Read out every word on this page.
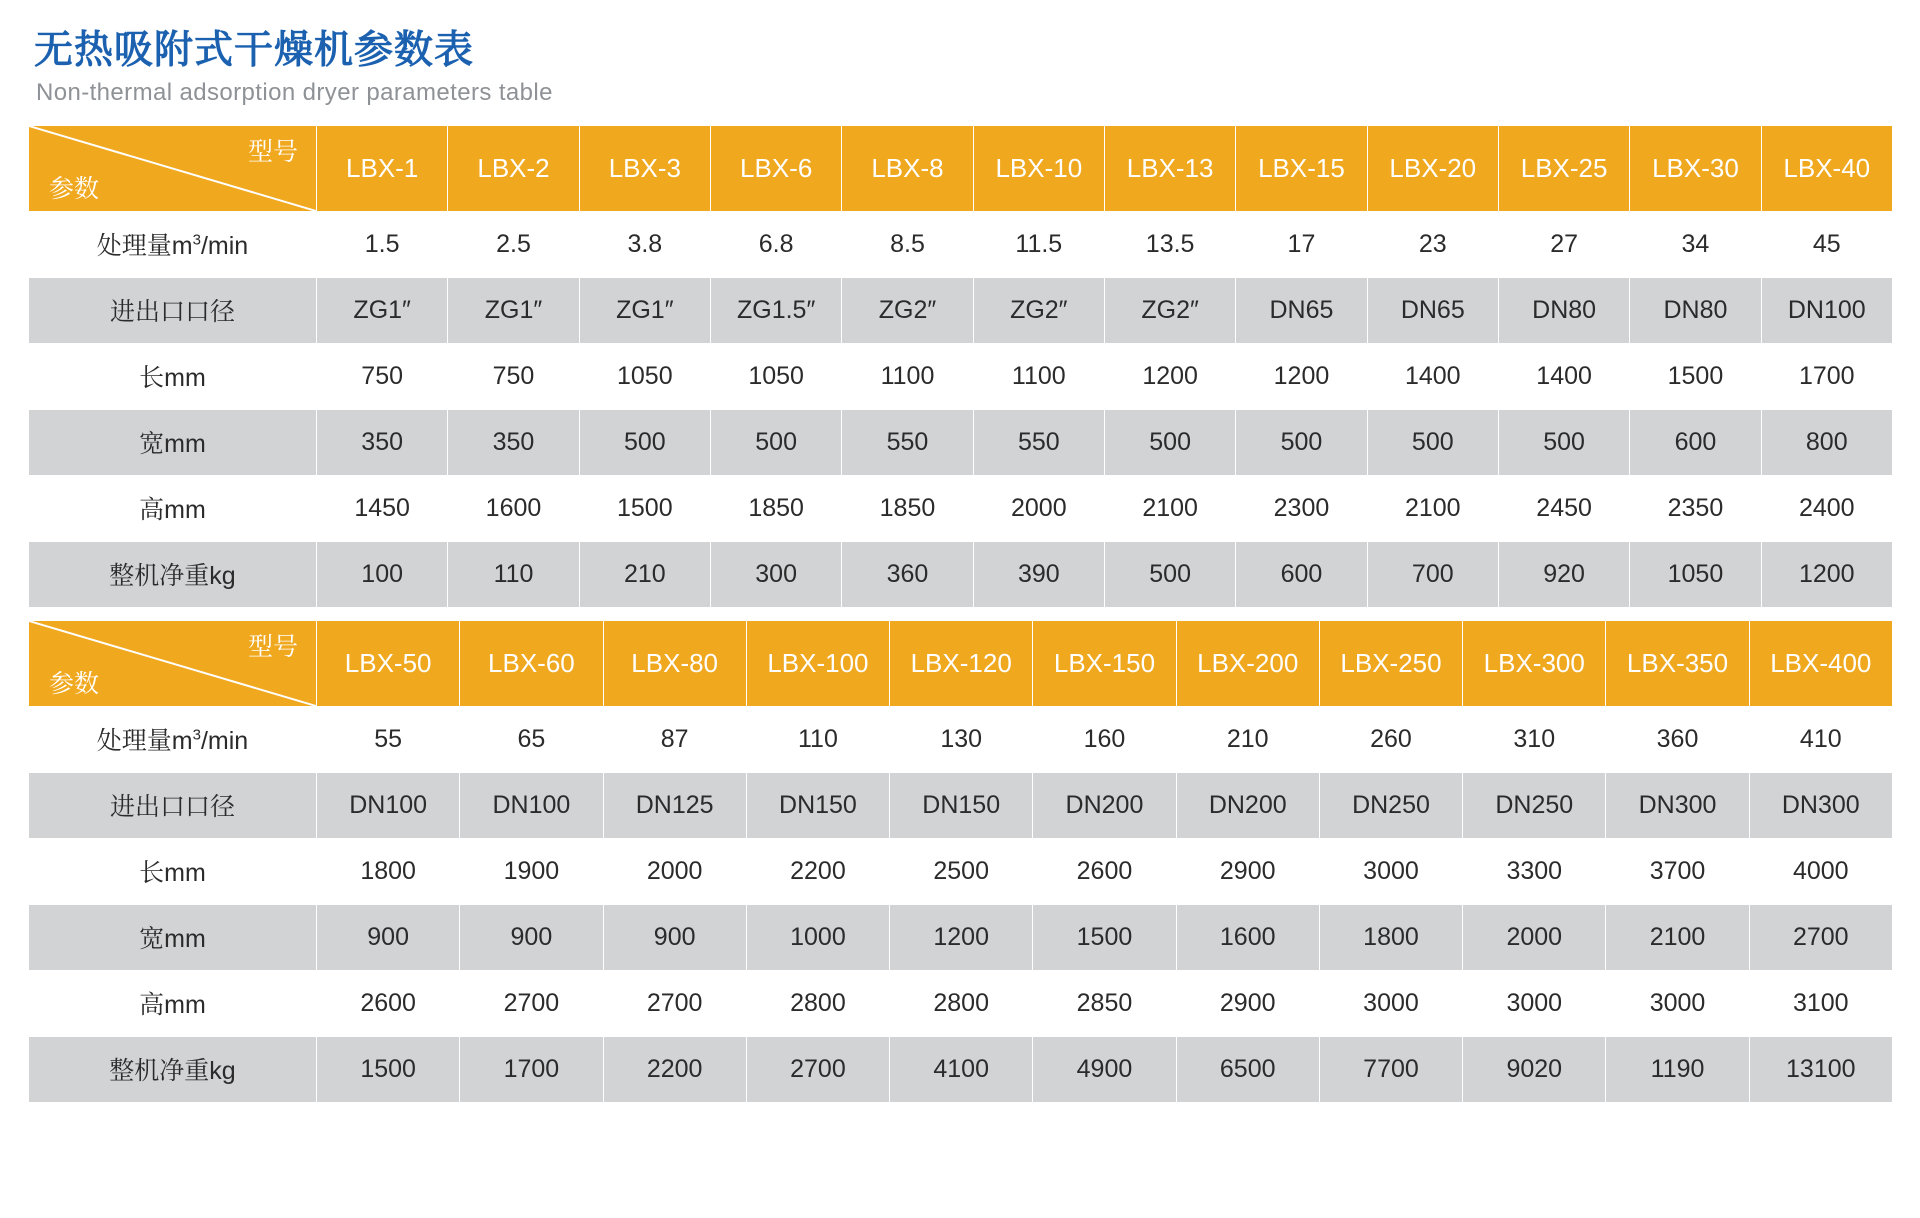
无热吸附式干燥机参数表
Non-thermal adsorption dryer parameters table
型号
参数	LBX-1	LBX-2	LBX-3	LBX-6	LBX-8	LBX-10	LBX-13	LBX-15	LBX-20	LBX-25	LBX-30	LBX-40
处理量$m^3/\min$	1.5	2.5	3.8	6.8	8.5	11.5	13.5	17	23	27	34	45
进出口口径	ZG1″	ZG1″	ZG1″	ZG1.5″	ZG2″	ZG2″	ZG2″	DN65	DN65	DN80	DN80	DN100
长mm	750	750	1050	1050	1100	1100	1200	1200	1400	1400	1500	1700
宽mm	350	350	500	500	550	550	500	500	500	500	600	800
高mm	1450	1600	1500	1850	1850	2000	2100	2300	2100	2450	2350	2400
整机净重kg	100	110	210	300	360	390	500	600	700	920	1050	1200
型号
参数	LBX-50	LBX-60	LBX-80	LBX-100	LBX-120	LBX-150	LBX-200	LBX-250	LBX-300	LBX-350	LBX-400
处理量$m^3/\min$	55	65	87	110	130	160	210	260	310	360	410
进出口口径	DN100	DN100	DN125	DN150	DN150	DN200	DN200	DN250	DN250	DN300	DN300
长mm	1800	1900	2000	2200	2500	2600	2900	3000	3300	3700	4000
宽mm	900	900	900	1000	1200	1500	1600	1800	2000	2100	2700
高mm	2600	2700	2700	2800	2800	2850	2900	3000	3000	3000	3100
整机净重kg	1500	1700	2200	2700	4100	4900	6500	7700	9020	1190	13100
